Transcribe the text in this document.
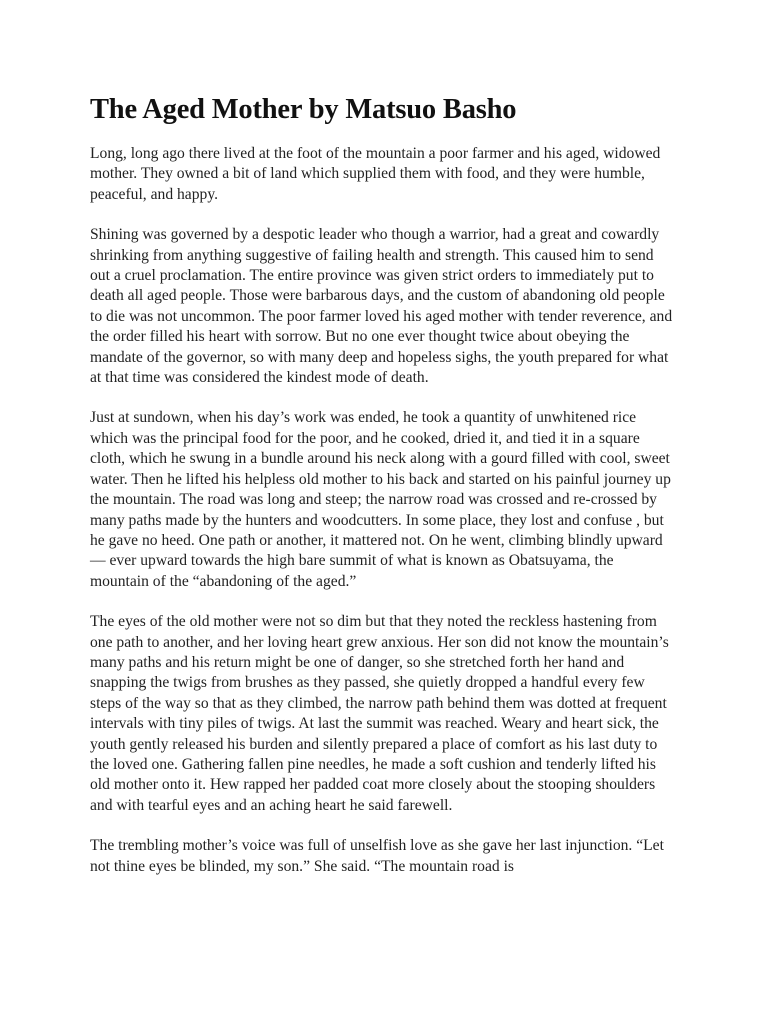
The Aged Mother by Matsuo Basho

Long, long ago there lived at the foot of the mountain a poor farmer and his aged, widowed mother. They owned a bit of land which supplied them with food, and they were humble, peaceful, and happy.

Shining was governed by a despotic leader who though a warrior, had a great and cowardly shrinking from anything suggestive of failing health and strength. This caused him to send out a cruel proclamation. The entire province was given strict orders to immediately put to death all aged people. Those were barbarous days, and the custom of abandoning old people to die was not uncommon. The poor farmer loved his aged mother with tender reverence, and the order filled his heart with sorrow. But no one ever thought twice about obeying the mandate of the governor, so with many deep and hopeless sighs, the youth prepared for what at that time was considered the kindest mode of death.

Just at sundown, when his day’s work was ended, he took a quantity of unwhitened rice which was the principal food for the poor, and he cooked, dried it, and tied it in a square cloth, which he swung in a bundle around his neck along with a gourd filled with cool, sweet water. Then he lifted his helpless old mother to his back and started on his painful journey up the mountain. The road was long and steep; the narrow road was crossed and re-crossed by many paths made by the hunters and woodcutters. In some place, they lost and confuse , but he gave no heed. One path or another, it mattered not. On he went, climbing blindly upward — ever upward towards the high bare summit of what is known as Obatsuyama, the mountain of the “abandoning of the aged.”

The eyes of the old mother were not so dim but that they noted the reckless hastening from one path to another, and her loving heart grew anxious. Her son did not know the mountain’s many paths and his return might be one of danger, so she stretched forth her hand and snapping the twigs from brushes as they passed, she quietly dropped a handful every few steps of the way so that as they climbed, the narrow path behind them was dotted at frequent intervals with tiny piles of twigs. At last the summit was reached. Weary and heart sick, the youth gently released his burden and silently prepared a place of comfort as his last duty to the loved one. Gathering fallen pine needles, he made a soft cushion and tenderly lifted his old mother onto it. Hew rapped her padded coat more closely about the stooping shoulders and with tearful eyes and an aching heart he said farewell.

The trembling mother’s voice was full of unselfish love as she gave her last injunction. “Let not thine eyes be blinded, my son.” She said. “The mountain road is
